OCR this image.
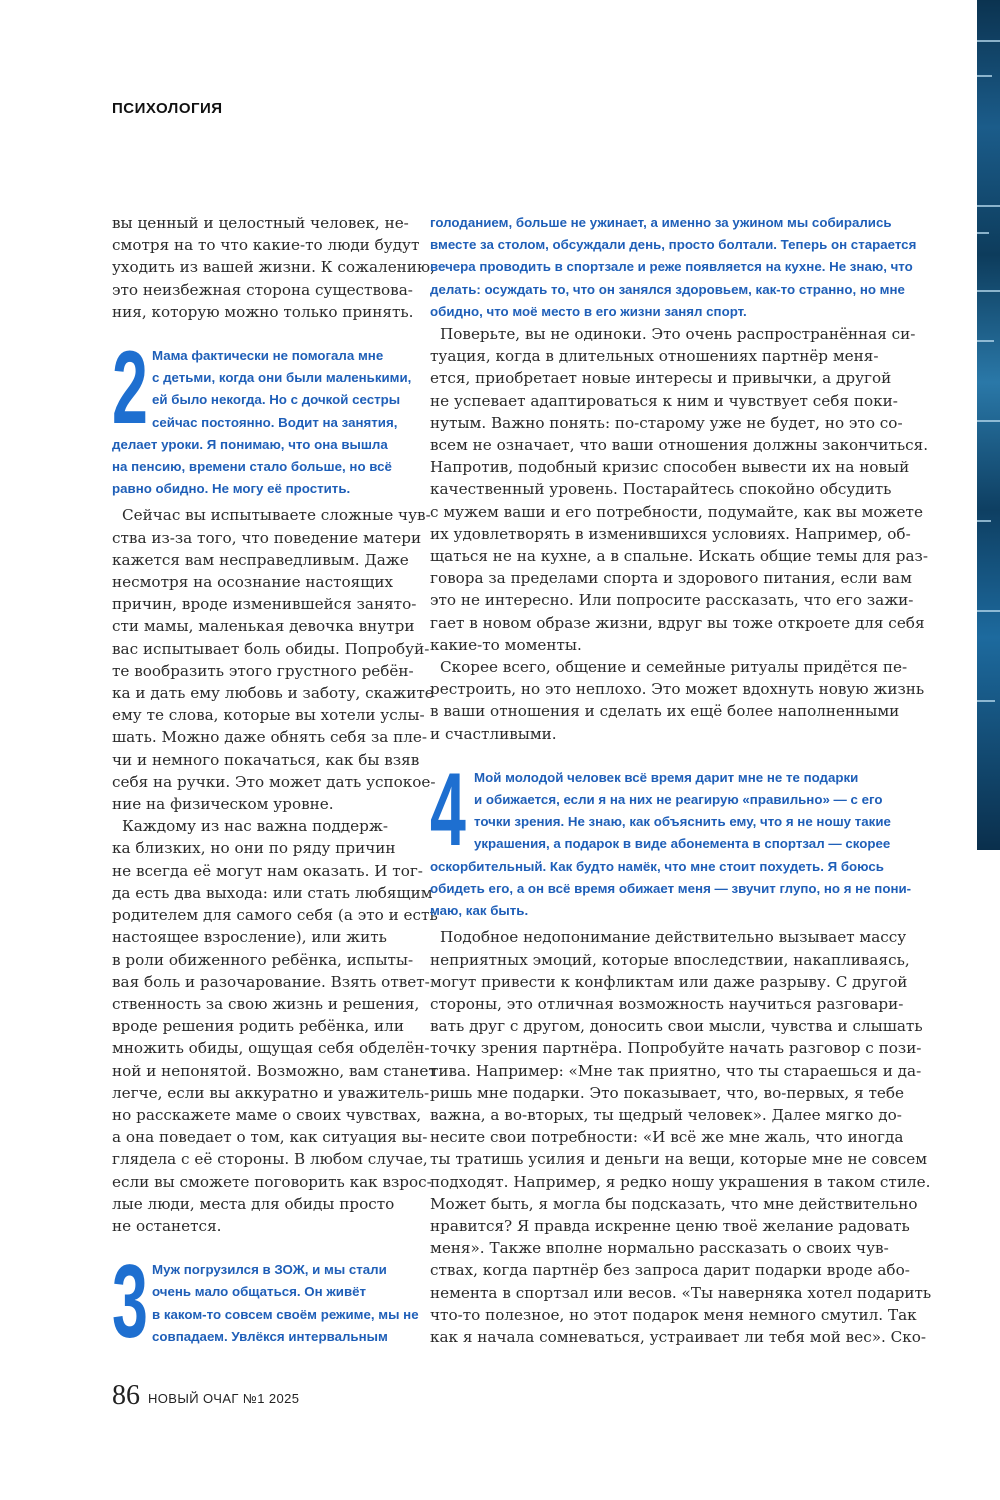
ПСИХОЛОГИЯ
вы ценный и целостный человек, не-
смотря на то что какие-то люди будут
уходить из вашей жизни. К сожалению,
это неизбежная сторона существова-
ния, которую можно только принять.
2 Мама фактически не помогала мне
с детьми, когда они были маленькими,
ей было некогда. Но с дочкой сестры
сейчас постоянно. Водит на занятия,
делает уроки. Я понимаю, что она вышла
на пенсию, времени стало больше, но всё
равно обидно. Не могу её простить.
Сейчас вы испытываете сложные чув-
ства из-за того, что поведение матери
кажется вам несправедливым. Даже
несмотря на осознание настоящих
причин, вроде изменившейся занято-
сти мамы, маленькая девочка внутри
вас испытывает боль обиды. Попробуй-
те вообразить этого грустного ребён-
ка и дать ему любовь и заботу, скажите
ему те слова, которые вы хотели услы-
шать. Можно даже обнять себя за пле-
чи и немного покачаться, как бы взяв
себя на ручки. Это может дать успокое-
ние на физическом уровне.
Каждому из нас важна поддерж-
ка близких, но они по ряду причин
не всегда её могут нам оказать. И тог-
да есть два выхода: или стать любящим
родителем для самого себя (а это и есть
настоящее взросление), или жить
в роли обиженного ребёнка, испыты-
вая боль и разочарование. Взять ответ-
ственность за свою жизнь и решения,
вроде решения родить ребёнка, или
множить обиды, ощущая себя обделён-
ной и непонятой. Возможно, вам станет
легче, если вы аккуратно и уважитель-
но расскажете маме о своих чувствах,
а она поведает о том, как ситуация вы-
глядела с её стороны. В любом случае,
если вы сможете поговорить как взрос-
лые люди, места для обиды просто
не останется.
3 Муж погрузился в ЗОЖ, и мы стали
очень мало общаться. Он живёт
в каком-то совсем своём режиме, мы не
совпадаем. Увлёкся интервальным
голоданием, больше не ужинает, а именно за ужином мы собирались
вместе за столом, обсуждали день, просто болтали. Теперь он старается
вечера проводить в спортзале и реже появляется на кухне. Не знаю, что
делать: осуждать то, что он занялся здоровьем, как-то странно, но мне
обидно, что моё место в его жизни занял спорт.
Поверьте, вы не одиноки. Это очень распространённая си-
туация, когда в длительных отношениях партнёр меня-
ется, приобретает новые интересы и привычки, а другой
не успевает адаптироваться к ним и чувствует себя поки-
нутым. Важно понять: по-старому уже не будет, но это со-
всем не означает, что ваши отношения должны закончиться.
Напротив, подобный кризис способен вывести их на новый
качественный уровень. Постарайтесь спокойно обсудить
с мужем ваши и его потребности, подумайте, как вы можете
их удовлетворять в изменившихся условиях. Например, об-
щаться не на кухне, а в спальне. Искать общие темы для раз-
говора за пределами спорта и здорового питания, если вам
это не интересно. Или попросите рассказать, что его зажи-
гает в новом образе жизни, вдруг вы тоже откроете для себя
какие-то моменты.
Скорее всего, общение и семейные ритуалы придётся пе-
рестроить, но это неплохо. Это может вдохнуть новую жизнь
в ваши отношения и сделать их ещё более наполненными
и счастливыми.
4 Мой молодой человек всё время дарит мне не те подарки
и обижается, если я на них не реагирую «правильно» — с его
точки зрения. Не знаю, как объяснить ему, что я не ношу такие
украшения, а подарок в виде абонемента в спортзал — скорее
оскорбительный. Как будто намёк, что мне стоит похудеть. Я боюсь
обидеть его, а он всё время обижает меня — звучит глупо, но я не пони-
маю, как быть.
Подобное недопонимание действительно вызывает массу
неприятных эмоций, которые впоследствии, накапливаясь,
могут привести к конфликтам или даже разрыву. С другой
стороны, это отличная возможность научиться разговари-
вать друг с другом, доносить свои мысли, чувства и слышать
точку зрения партнёра. Попробуйте начать разговор с пози-
тива. Например: «Мне так приятно, что ты стараешься и да-
ришь мне подарки. Это показывает, что, во-первых, я тебе
важна, а во-вторых, ты щедрый человек». Далее мягко до-
несите свои потребности: «И всё же мне жаль, что иногда
ты тратишь усилия и деньги на вещи, которые мне не совсем
подходят. Например, я редко ношу украшения в таком стиле.
Может быть, я могла бы подсказать, что мне действительно
нравится? Я правда искренне ценю твоё желание радовать
меня». Также вполне нормально рассказать о своих чув-
ствах, когда партнёр без запроса дарит подарки вроде або-
немента в спортзал или весов. «Ты наверняка хотел подарить
что-то полезное, но этот подарок меня немного смутил. Так
как я начала сомневаться, устраивает ли тебя мой вес». Ско-
86 НОВЫЙ ОЧАГ №1 2025
